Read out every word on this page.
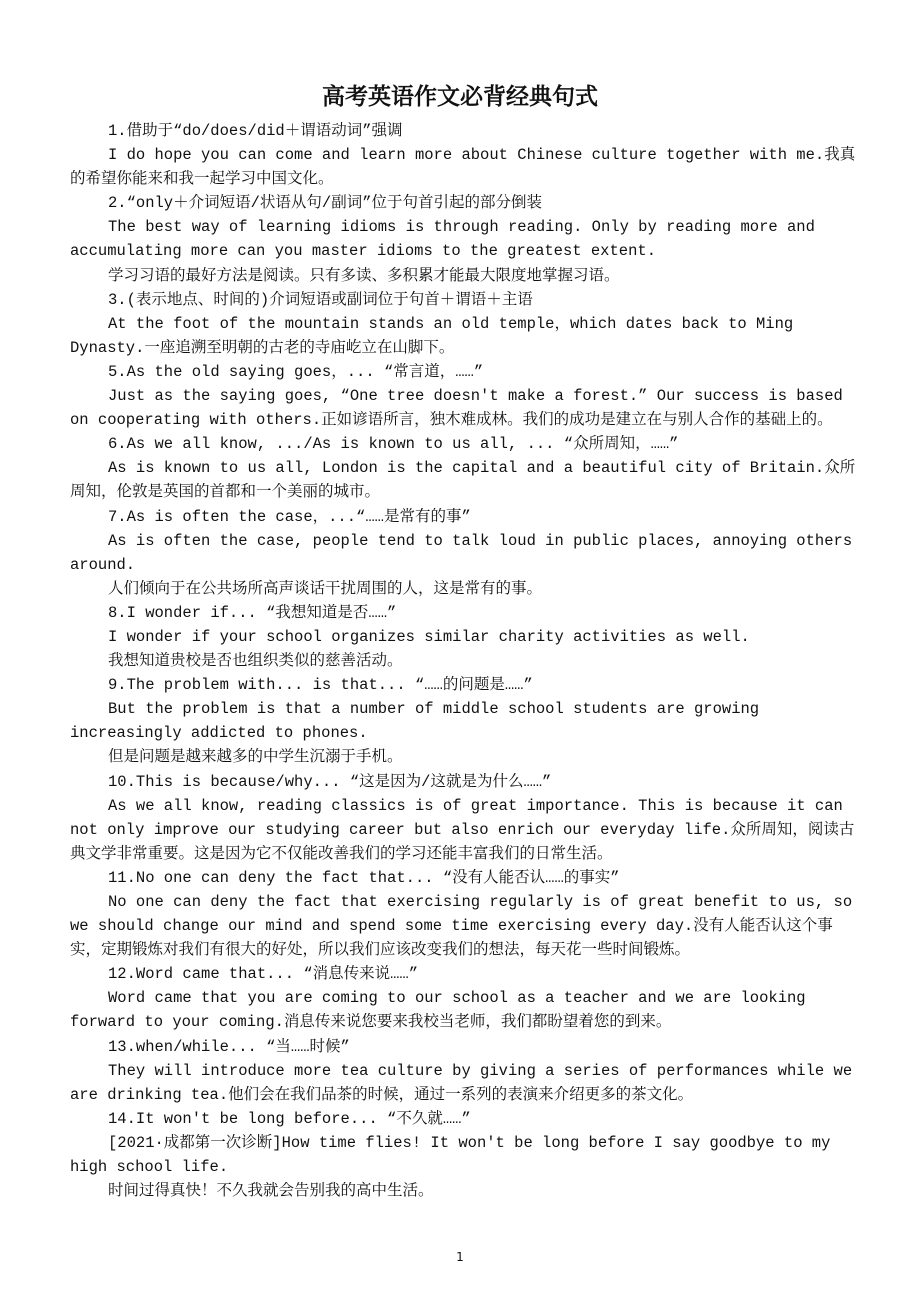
高考英语作文必背经典句式

1.借助于“do/does/did＋谓语动词”强调

I do hope you can come and learn more about Chinese culture together with me.我真的希望你能来和我一起学习中国文化。

2.“only＋介词短语/状语从句/副词”位于句首引起的部分倒装

The best way of learning idioms is through reading. Only by reading more and accumulating more can you master idioms to the greatest extent.

学习习语的最好方法是阅读。只有多读、多积累才能最大限度地掌握习语。

3.(表示地点、时间的)介词短语或副词位于句首＋谓语＋主语

At the foot of the mountain stands an old temple，which dates back to Ming Dynasty.一座追溯至明朝的古老的寺庙屹立在山脚下。

5.As the old saying goes，... “常言道，……”

Just as the saying goes, “One tree doesn't make a forest.” Our success is based on cooperating with others.正如谚语所言，独木难成林。我们的成功是建立在与别人合作的基础上的。

6.As we all know, .../As is known to us all, ... “众所周知，……”

As is known to us all, London is the capital and a beautiful city of Britain.众所周知，伦敦是英国的首都和一个美丽的城市。

7.As is often the case，...“……是常有的事”

As is often the case, people tend to talk loud in public places, annoying others around.

人们倾向于在公共场所高声谈话干扰周围的人，这是常有的事。

8.I wonder if... “我想知道是否……”

I wonder if your school organizes similar charity activities as well.

我想知道贵校是否也组织类似的慈善活动。

9.The problem with... is that... “……的问题是……”

But the problem is that a number of middle school students are growing increasingly addicted to phones.

但是问题是越来越多的中学生沉溺于手机。

10.This is because/why... “这是因为/这就是为什么……”

As we all know, reading classics is of great importance. This is because it can not only improve our studying career but also enrich our everyday life.众所周知，阅读古典文学非常重要。这是因为它不仅能改善我们的学习还能丰富我们的日常生活。

11.No one can deny the fact that... “没有人能否认……的事实”

No one can deny the fact that exercising regularly is of great benefit to us, so we should change our mind and spend some time exercising every day.没有人能否认这个事实，定期锻炼对我们有很大的好处，所以我们应该改变我们的想法，每天花一些时间锻炼。

12.Word came that... “消息传来说……”

Word came that you are coming to our school as a teacher and we are looking forward to your coming.消息传来说您要来我校当老师，我们都盼望着您的到来。

13.when/while... “当……时候”

They will introduce more tea culture by giving a series of performances while we are drinking tea.他们会在我们品茶的时候，通过一系列的表演来介绍更多的茶文化。

14.It won't be long before... “不久就……”

[2021·成都第一次诊断]How time flies! It won't be long before I say goodbye to my high school life.

时间过得真快！不久我就会告别我的高中生活。

1
